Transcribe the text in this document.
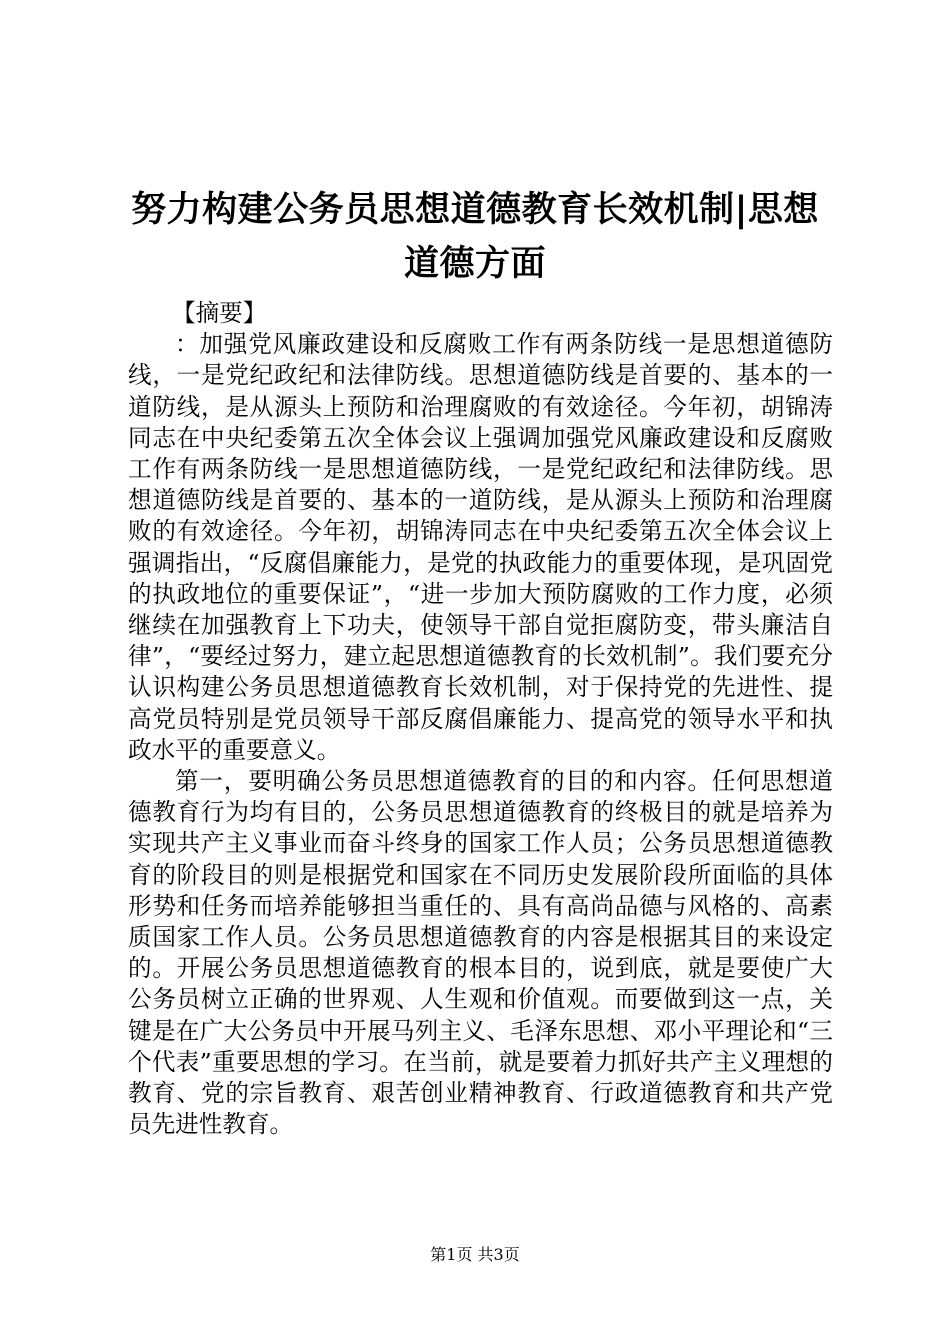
努力构建公务员思想道德教育长效机制|思想道德方面

【摘要】

：加强党风廉政建设和反腐败工作有两条防线一是思想道德防线，一是党纪政纪和法律防线。思想道德防线是首要的、基本的一道防线，是从源头上预防和治理腐败的有效途径。今年初，胡锦涛同志在中央纪委第五次全体会议上强调加强党风廉政建设和反腐败工作有两条防线一是思想道德防线，一是党纪政纪和法律防线。思想道德防线是首要的、基本的一道防线，是从源头上预防和治理腐败的有效途径。今年初，胡锦涛同志在中央纪委第五次全体会议上强调指出，“反腐倡廉能力，是党的执政能力的重要体现，是巩固党的执政地位的重要保证”，“进一步加大预防腐败的工作力度，必须继续在加强教育上下功夫，使领导干部自觉拒腐防变，带头廉洁自律”，“要经过努力，建立起思想道德教育的长效机制”。我们要充分认识构建公务员思想道德教育长效机制，对于保持党的先进性、提高党员特别是党员领导干部反腐倡廉能力、提高党的领导水平和执政水平的重要意义。

第一，要明确公务员思想道德教育的目的和内容。任何思想道德教育行为均有目的，公务员思想道德教育的终极目的就是培养为实现共产主义事业而奋斗终身的国家工作人员；公务员思想道德教育的阶段目的则是根据党和国家在不同历史发展阶段所面临的具体形势和任务而培养能够担当重任的、具有高尚品德与风格的、高素质国家工作人员。公务员思想道德教育的内容是根据其目的来设定的。开展公务员思想道德教育的根本目的，说到底，就是要使广大公务员树立正确的世界观、人生观和价值观。而要做到这一点，关键是在广大公务员中开展马列主义、毛泽东思想、邓小平理论和“三个代表”重要思想的学习。在当前，就是要着力抓好共产主义理想的教育、党的宗旨教育、艰苦创业精神教育、行政道德教育和共产党员先进性教育。

第1页 共3页
